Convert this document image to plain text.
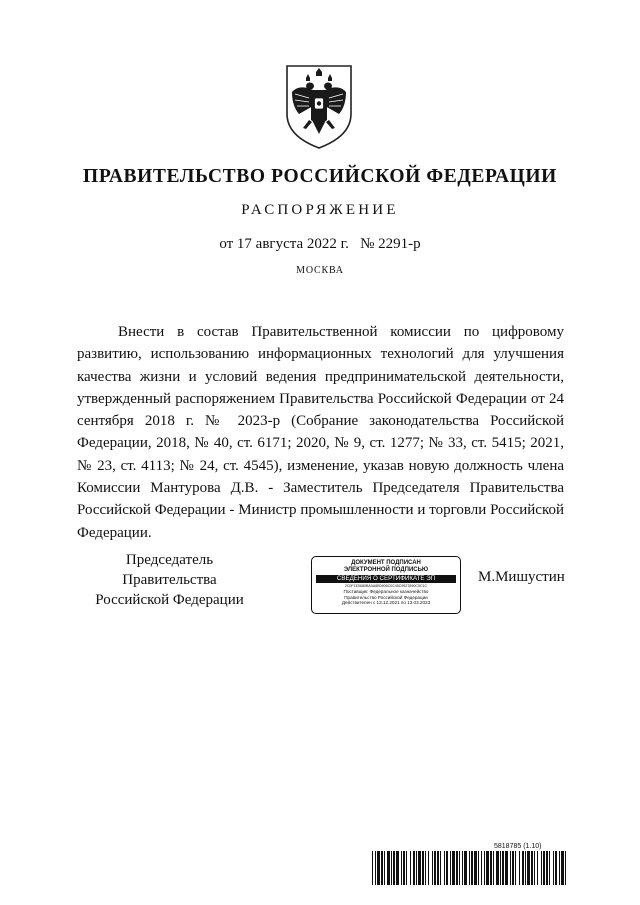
ПРАВИТЕЛЬСТВО РОССИЙСКОЙ ФЕДЕРАЦИИ
РАСПОРЯЖЕНИЕ
от 17 августа 2022 г. № 2291-р
МОСКВА

Внести в состав Правительственной комиссии по цифровому развитию, использованию информационных технологий для улучшения качества жизни и условий ведения предпринимательской деятельности, утвержденный распоряжением Правительства Российской Федерации от 24 сентября 2018 г. № 2023-р (Собрание законодательства Российской Федерации, 2018, № 40, ст. 6171; 2020, № 9, ст. 1277; № 33, ст. 5415; 2021, № 23, ст. 4113; № 24, ст. 4545), изменение, указав новую должность члена Комиссии Мантурова Д.В. - Заместитель Председателя Правительства Российской Федерации - Министр промышленности и торговли Российской Федерации.

Председатель Правительства
Российской Федерации
ДОКУМЕНТ ПОДПИСАН
ЭЛЕКТРОННОЙ ПОДПИСЬЮ
СВЕДЕНИЯ О СЕРТИФИКАТЕ ЭП
2C0F1E0680BA0A6B0906C0C45C9527890C5C1C
Поставщик: Федеральное казначейство
Правительство Российской Федерации
Действителен с 13.12.2021 по 13.03.2023
М.Мишустин
5818785 (1.10)
